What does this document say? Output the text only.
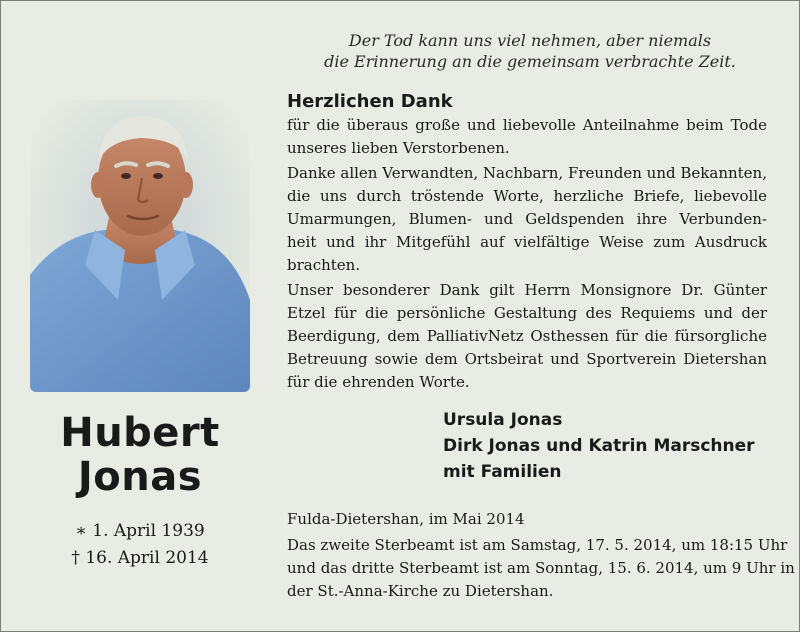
Der Tod kann uns viel nehmen, aber niemals
die Erinnerung an die gemeinsam verbrachte Zeit.
Hubert
Jonas
∗ 1. April 1939
† 16. April 2014
Herzlichen Dank
für die überaus große und liebevolle Anteilnahme beim Tode
unseres lieben Verstorbenen.
Danke allen Verwandten, Nachbarn, Freunden und Bekannten,
die uns durch tröstende Worte, herzliche Briefe, liebevolle
Umarmungen, Blumen- und Geldspenden ihre Verbunden-
heit und ihr Mitgefühl auf vielfältige Weise zum Ausdruck
brachten.
Unser besonderer Dank gilt Herrn Monsignore Dr. Günter
Etzel für die persönliche Gestaltung des Requiems und der
Beerdigung, dem PalliativNetz Osthessen für die fürsorgliche
Betreuung sowie dem Ortsbeirat und Sportverein Dietershan
für die ehrenden Worte.
Ursula Jonas
Dirk Jonas und Katrin Marschner
mit Familien
Fulda-Dietershan, im Mai 2014
Das zweite Sterbeamt ist am Samstag, 17. 5. 2014, um 18:15 Uhr
und das dritte Sterbeamt ist am Sonntag, 15. 6. 2014, um 9 Uhr in
der St.-Anna-Kirche zu Dietershan.
